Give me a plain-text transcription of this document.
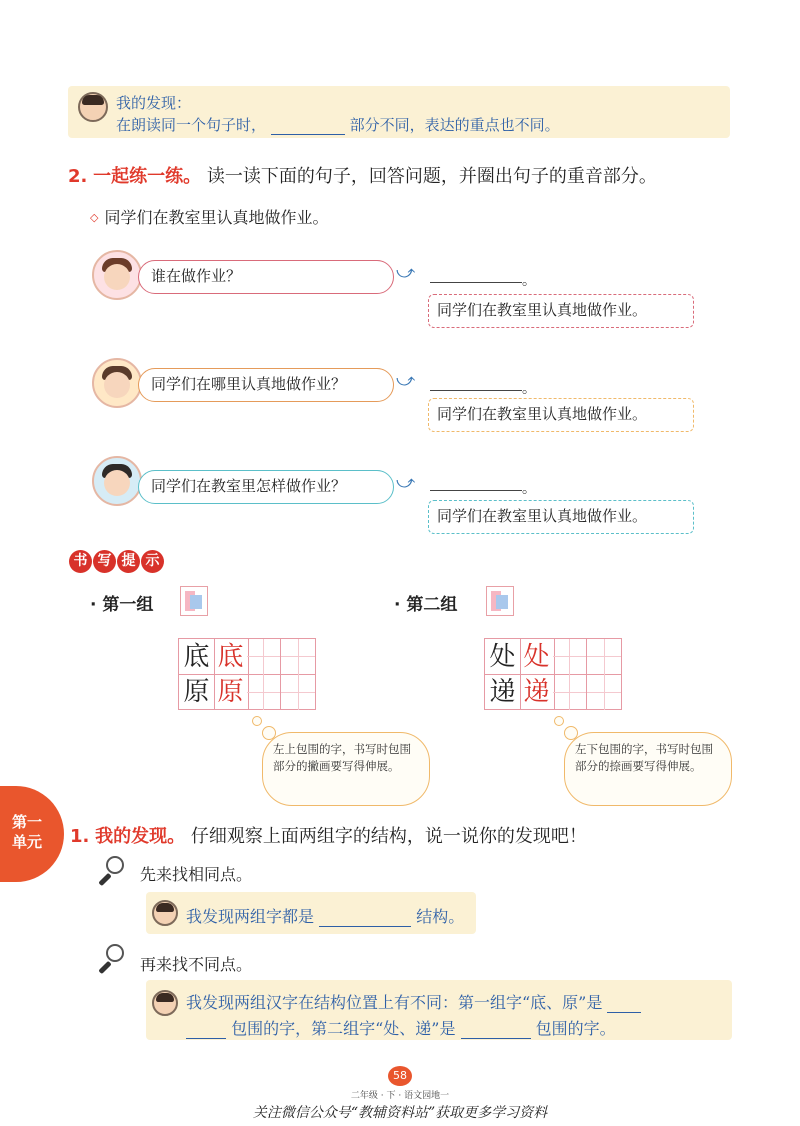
我的发现：
在朗读同一个句子时，	部分不同，表达的重点也不同。
2. 一起练一练。 读一读下面的句子，回答问题，并圈出句子的重音部分。
◇ 同学们在教室里认真地做作业。
谁在做作业？	⤻	。
同学们在教室里认真地做作业。
同学们在哪里认真地做作业？	⤻	。
同学们在教室里认真地做作业。
同学们在教室里怎样做作业？	⤻	。
同学们在教室里认真地做作业。
书 写 提 示
· 第一组
底 底
原 原
左上包围的字，书写时包围部分的撇画要写得伸展。
· 第二组
处 处
递 递
左下包围的字，书写时包围部分的捺画要写得伸展。
第一
单元	1. 我的发现。 仔细观察上面两组字的结构，说一说你的发现吧！
先来找相同点。
我发现两组字都是	结构。
再来找不同点。
我发现两组汉字在结构位置上有不同：第一组字“底、原”是
包围的字，第二组字“处、递”是	包围的字。
58
二年级 · 下 · 语文园地一
关注微信公众号“教辅资料站”获取更多学习资料
